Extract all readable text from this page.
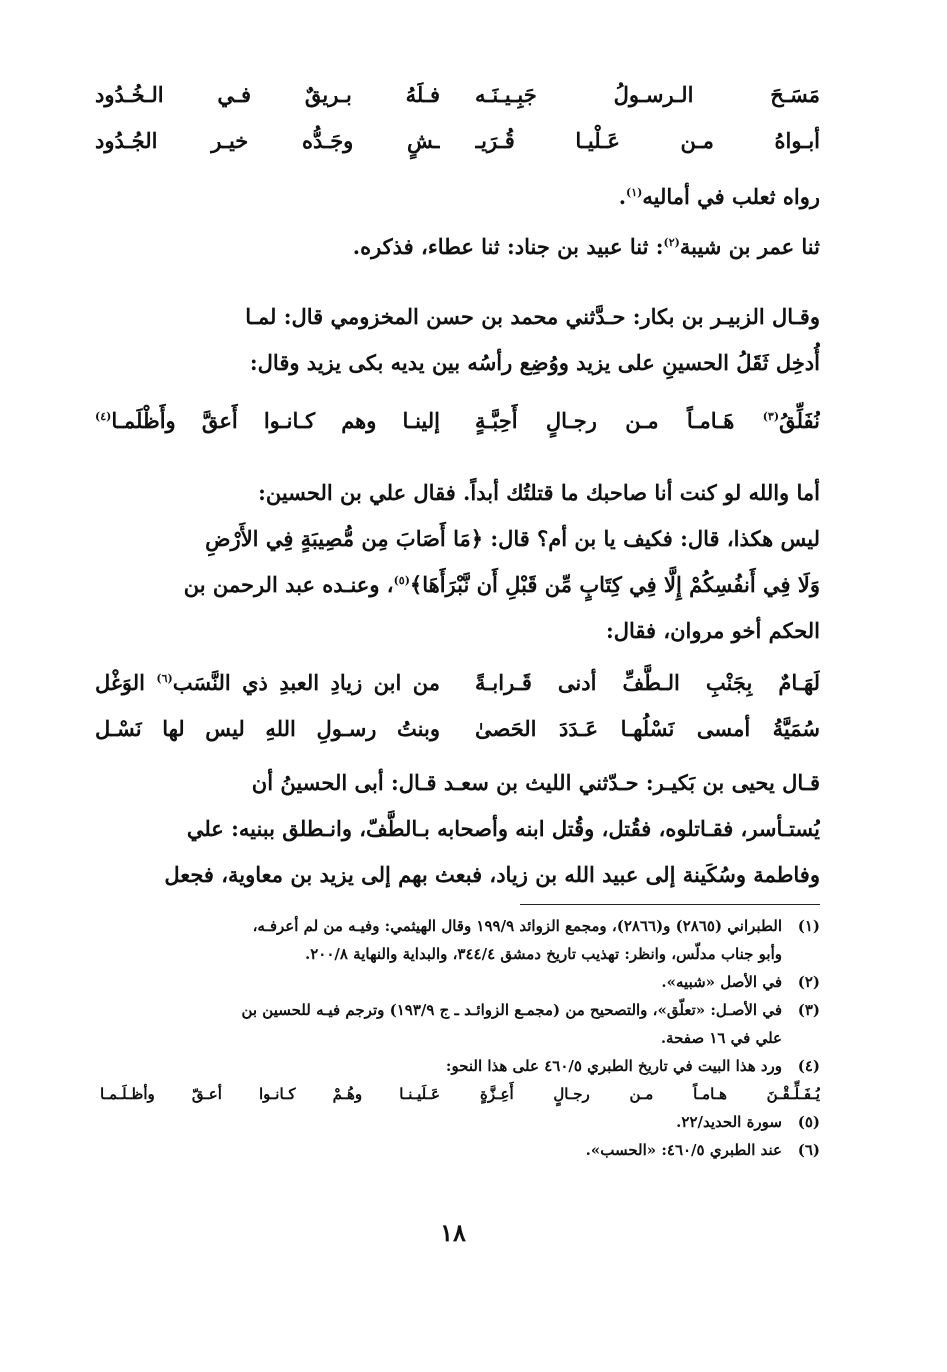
مَسَـحَ الـرسـولُ جَبِـيـنَـه
فـلَهُ بـريقٌ فـي الـخُـدُود
أبـواهُ مـن عَـلْيـا قُـرَيـ
ـشٍ وجَـدُّه خيـر الجُـدُود
رواه ثعلب في أماليه$^{(١)}$.
ثنا عمر بن شيبة$^{(٢)}$: ثنا عبيد بن جناد: ثنا عطاء، فذكره.
وقـال الزبيـر بن بكار: حـدَّثني محمد بن حسن المخزومي قال: لمـا
أُدخِل ثَقَلُ الحسينِ على يزيد ووُضِع رأسُه بين يديه بكى يزيد وقال:
نُفَلِّقُ$^{(٣)}$ هَـامـاً مـن رجـالٍ أَحِبَّـةٍ
إلينـا وهم كـانـوا أَعقَّ وأَظْلَمـا$^{(٤)}$
أما والله لو كنت أنا صاحبك ما قتلتُك أبداً. فقال علي بن الحسين:
ليس هكذا، قال: فكيف يا بن أم؟ قال: ﴿مَا أَصَابَ مِن مُّصِيبَةٍ فِي الأَرْضِ
وَلَا فِي أَنفُسِكُمْ إِلَّا فِي كِتَابٍ مِّن قَبْلِ أَن نَّبْرَأَهَا﴾$^{(٥)}$، وعنـده عبد الرحمن بن
الحكم أخو مروان، فقال:
لَهَـامٌ بِجَنْبِ الـطَّفِّ أدنى قَـرابـةً
من ابن زيادِ العبدِ ذي النَّسَب$^{(٦)}$ الوَغْل
سُمَيَّةُ أمسى نَسْلُهـا عَـدَدَ الحَصىٰ
وبنتُ رسـولِ اللهِ ليس لها نَسْـل
قـال يحيى بن بَكيـر: حـدّثني الليث بن سعـد قـال: أبى الحسينُ أن
يُستـأسر، فقـاتلوه، فقُتل، وقُتل ابنه وأصحابه بـالطَّفّ، وانـطلق ببنيه: علي
وفاطمة وسُكَينة إلى عبيد الله بن زياد، فبعث بهم إلى يزيد بن معاوية، فجعل
(١)
الطبراني (٢٨٦٥) و(٢٨٦٦)، ومجمع الزوائد ١٩٩/٩ وقال الهيثمي: وفيـه من لم أعرفـه،
وأبو جناب مدلّس، وانظر: تهذيب تاريخ دمشق ٣٤٤/٤، والبداية والنهاية ٢٠٠/٨.
(٢)
في الأصل «شبيه».
(٣)
في الأصـل: «تعلّق»، والتصحيح من (مجمـع الزوائـد ـ ج ١٩٣/٩) وترجم فيـه للحسين بن
علي في ١٦ صفحة.
(٤)
ورد هذا البيت في تاريخ الطبري ٤٦٠/٥ على هذا النحو:
يُـفَـلِّـقْـنَ هـامـاً مـن رجـالٍ أَعِـزَّةٍ
عَـلَيـنـا وهُـمْ كـانـوا أعـقّ وأظـلَـمـا
(٥)
سورة الحديد/٢٢.
(٦)
عند الطبري ٤٦٠/٥: «الحسب».
١٨
